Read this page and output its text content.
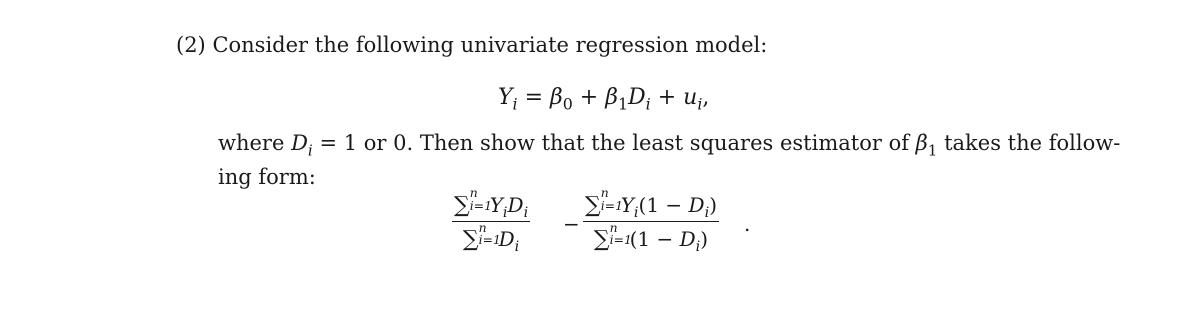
(2) Consider the following univariate regression model:
$Y_i = \beta_0 + \beta_1D_i + u_i$,
where $D_i = 1$ or 0. Then show that the least squares estimator of $\beta_1$ takes the follow-
ing form:
∑
n
i=1
$Y_iD_i$
∑
n
i=1
$D_i$
−
∑
n
i=1
$Y_i(1 - D_i)$
∑
n
i=1
$(1 - D_i)$
.
